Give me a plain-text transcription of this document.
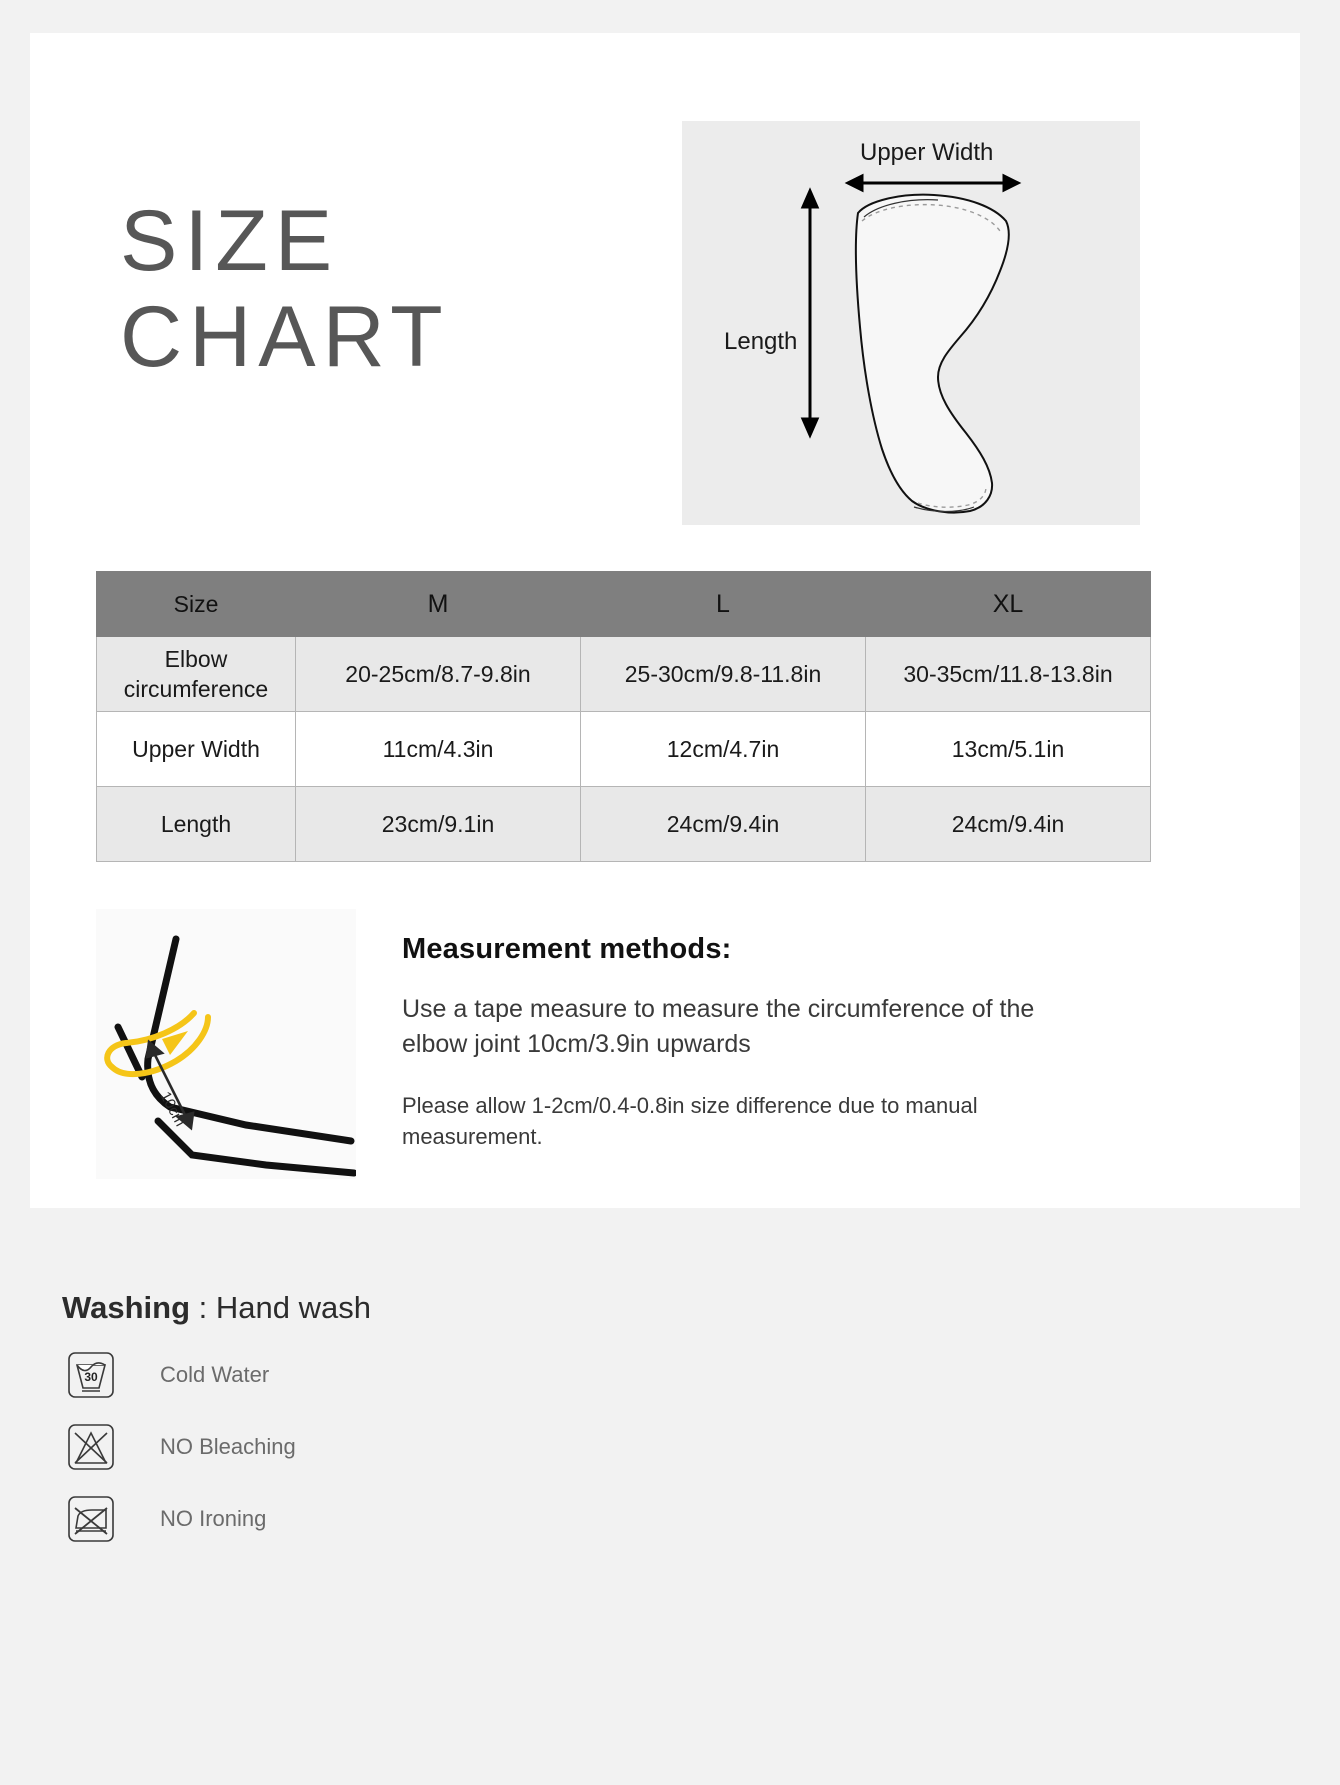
SIZE
CHART
Upper Width
Length
Size	M	L	XL
Elbow circumference	20-25cm/8.7-9.8in	25-30cm/9.8-11.8in	30-35cm/11.8-13.8in
Upper Width	11cm/4.3in	12cm/4.7in	13cm/5.1in
Length	23cm/9.1in	24cm/9.4in	24cm/9.4in
10cm
Measurement methods:

Use a tape measure to measure the circumference of the elbow joint 10cm/3.9in upwards

Please allow 1-2cm/0.4-0.8in size difference due to manual measurement.

Washing : Hand wash
30	Cold Water
NO Bleaching
NO Ironing
